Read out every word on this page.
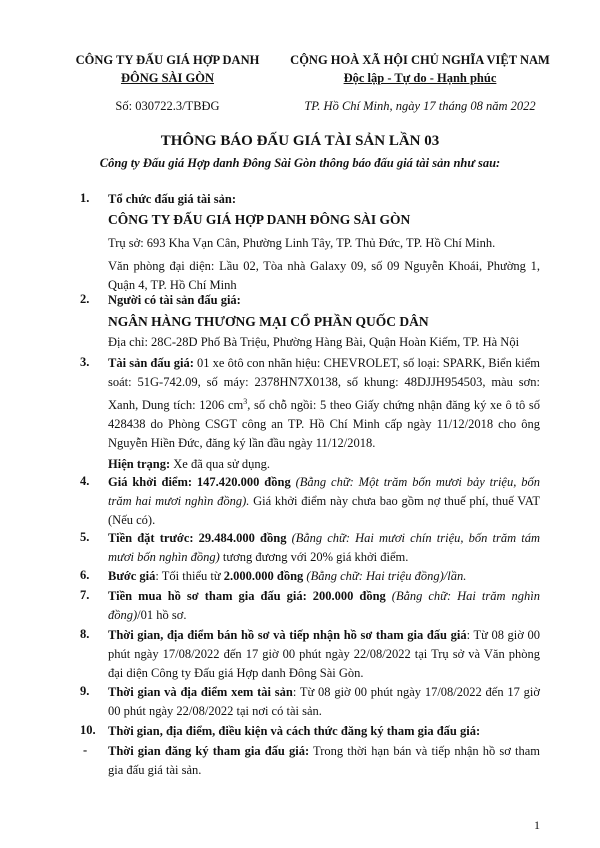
CÔNG TY ĐẤU GIÁ HỢP DANH
ĐÔNG SÀI GÒN
Số: 030722.3/TBĐG
CỘNG HOÀ XÃ HỘI CHỦ NGHĨA VIỆT NAM
Độc lập - Tự do - Hạnh phúc
TP. Hồ Chí Minh, ngày 17 tháng 08 năm 2022
THÔNG BÁO ĐẤU GIÁ TÀI SẢN LẦN 03
Công ty Đấu giá Hợp danh Đông Sài Gòn thông báo đấu giá tài sản như sau:
1. Tổ chức đấu giá tài sản:
CÔNG TY ĐẤU GIÁ HỢP DANH ĐÔNG SÀI GÒN
Trụ sở: 693 Kha Vạn Cân, Phường Linh Tây, TP. Thủ Đức, TP. Hồ Chí Minh.
Văn phòng đại diện: Lầu 02, Tòa nhà Galaxy 09, số 09 Nguyễn Khoái, Phường 1, Quận 4, TP. Hồ Chí Minh
2. Người có tài sản đấu giá:
NGÂN HÀNG THƯƠNG MẠI CỔ PHẦN QUỐC DÂN
Địa chỉ: 28C-28D Phố Bà Triệu, Phường Hàng Bài, Quận Hoàn Kiếm, TP. Hà Nội
3. Tài sản đấu giá: 01 xe ôtô con nhãn hiệu: CHEVROLET, số loại: SPARK, Biển kiểm soát: 51G-742.09, số máy: 2378HN7X0138, số khung: 48DJJH954503, màu sơn: Xanh, Dung tích: 1206 $cm^3$, số chỗ ngồi: 5 theo Giấy chứng nhận đăng ký xe ô tô số 428438 do Phòng CSGT công an TP. Hồ Chí Minh cấp ngày 11/12/2018 cho ông Nguyễn Hiền Đức, đăng ký lần đầu ngày 11/12/2018.
Hiện trạng: Xe đã qua sử dụng.
4. Giá khởi điểm: 147.420.000 đồng (Bằng chữ: Một trăm bốn mươi bảy triệu, bốn trăm hai mươi nghìn đồng). Giá khởi điểm này chưa bao gồm nợ thuế phí, thuế VAT (Nếu có).
5. Tiền đặt trước: 29.484.000 đồng (Bằng chữ: Hai mươi chín triệu, bốn trăm tám mươi bốn nghìn đồng) tương đương với 20% giá khởi điểm.
6. Bước giá: Tối thiểu từ 2.000.000 đồng (Bằng chữ: Hai triệu đồng)/lần.
7. Tiền mua hồ sơ tham gia đấu giá: 200.000 đồng (Bằng chữ: Hai trăm nghìn đồng)/01 hồ sơ.
8. Thời gian, địa điểm bán hồ sơ và tiếp nhận hồ sơ tham gia đấu giá: Từ 08 giờ 00 phút ngày 17/08/2022 đến 17 giờ 00 phút ngày 22/08/2022 tại Trụ sở và Văn phòng đại diện Công ty Đấu giá Hợp danh Đông Sài Gòn.
9. Thời gian và địa điểm xem tài sản: Từ 08 giờ 00 phút ngày 17/08/2022 đến 17 giờ 00 phút ngày 22/08/2022 tại nơi có tài sản.
10. Thời gian, địa điểm, điều kiện và cách thức đăng ký tham gia đấu giá:
- Thời gian đăng ký tham gia đấu giá: Trong thời hạn bán và tiếp nhận hồ sơ tham gia đấu giá tài sản.
1
